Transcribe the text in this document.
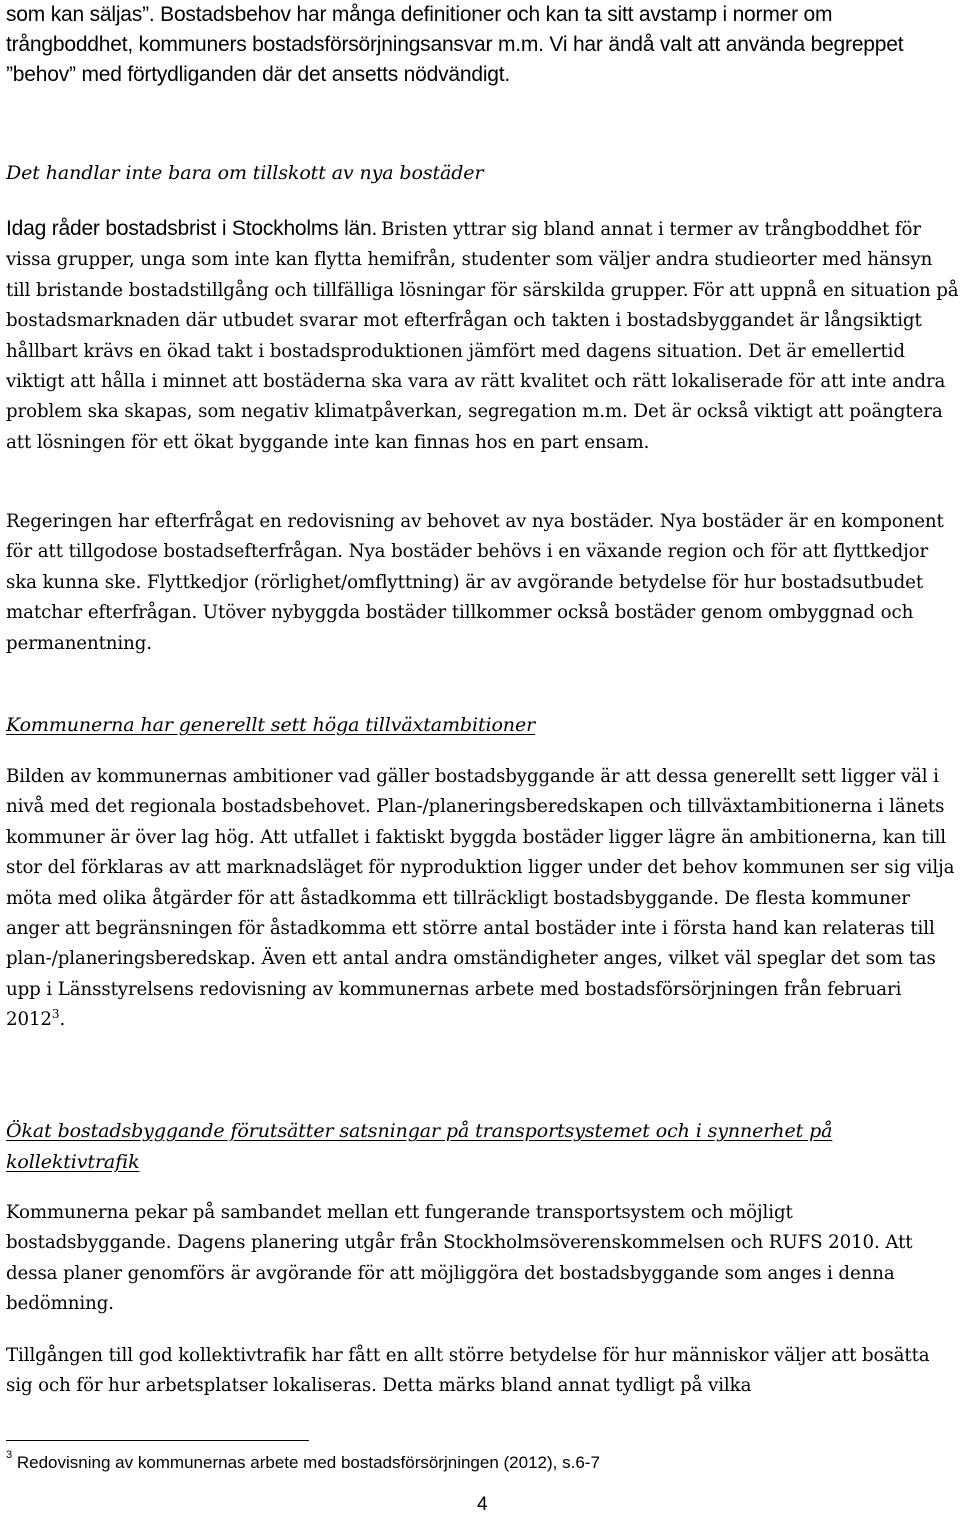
som kan säljas”. Bostadsbehov har många definitioner och kan ta sitt avstamp i normer om trångboddhet, kommuners bostadsförsörjningsansvar m.m. Vi har ändå valt att använda begreppet ”behov” med förtydliganden där det ansetts nödvändigt.

Det handlar inte bara om tillskott av nya bostäder

Idag råder bostadsbrist i Stockholms län. Bristen yttrar sig bland annat i termer av trångboddhet för vissa grupper, unga som inte kan flytta hemifrån, studenter som väljer andra studieorter med hänsyn till bristande bostadstillgång och tillfälliga lösningar för särskilda grupper. För att uppnå en situation på bostadsmarknaden där utbudet svarar mot efterfrågan och takten i bostadsbyggandet är långsiktigt hållbart krävs en ökad takt i bostadsproduktionen jämfört med dagens situation. Det är emellertid viktigt att hålla i minnet att bostäderna ska vara av rätt kvalitet och rätt lokaliserade för att inte andra problem ska skapas, som negativ klimatpåverkan, segregation m.m. Det är också viktigt att poängtera att lösningen för ett ökat byggande inte kan finnas hos en part ensam.

Regeringen har efterfrågat en redovisning av behovet av nya bostäder. Nya bostäder är en komponent för att tillgodose bostadsefterfrågan. Nya bostäder behövs i en växande region och för att flyttkedjor ska kunna ske. Flyttkedjor (rörlighet/omflyttning) är av avgörande betydelse för hur bostadsutbudet matchar efterfrågan. Utöver nybyggda bostäder tillkommer också bostäder genom ombyggnad och permanentning.

Kommunerna har generellt sett höga tillväxtambitioner

Bilden av kommunernas ambitioner vad gäller bostadsbyggande är att dessa generellt sett ligger väl i nivå med det regionala bostadsbehovet. Plan-/planeringsberedskapen och tillväxtambitionerna i länets kommuner är över lag hög. Att utfallet i faktiskt byggda bostäder ligger lägre än ambitionerna, kan till stor del förklaras av att marknadsläget för nyproduktion ligger under det behov kommunen ser sig vilja möta med olika åtgärder för att åstadkomma ett tillräckligt bostadsbyggande. De flesta kommuner anger att begränsningen för åstadkomma ett större antal bostäder inte i första hand kan relateras till plan-/planeringsberedskap. Även ett antal andra omständigheter anges, vilket väl speglar det som tas upp i Länsstyrelsens redovisning av kommunernas arbete med bostadsförsörjningen från februari 2012$^3$.

Ökat bostadsbyggande förutsätter satsningar på transportsystemet och i synnerhet på kollektivtrafik

Kommunerna pekar på sambandet mellan ett fungerande transportsystem och möjligt bostadsbyggande. Dagens planering utgår från Stockholmsöverenskommelsen och RUFS 2010. Att dessa planer genomförs är avgörande för att möjliggöra det bostadsbyggande som anges i denna bedömning.

Tillgången till god kollektivtrafik har fått en allt större betydelse för hur människor väljer att bosätta sig och för hur arbetsplatser lokaliseras. Detta märks bland annat tydligt på vilka

$^3$ Redovisning av kommunernas arbete med bostadsförsörjningen (2012), s.6-7
4
